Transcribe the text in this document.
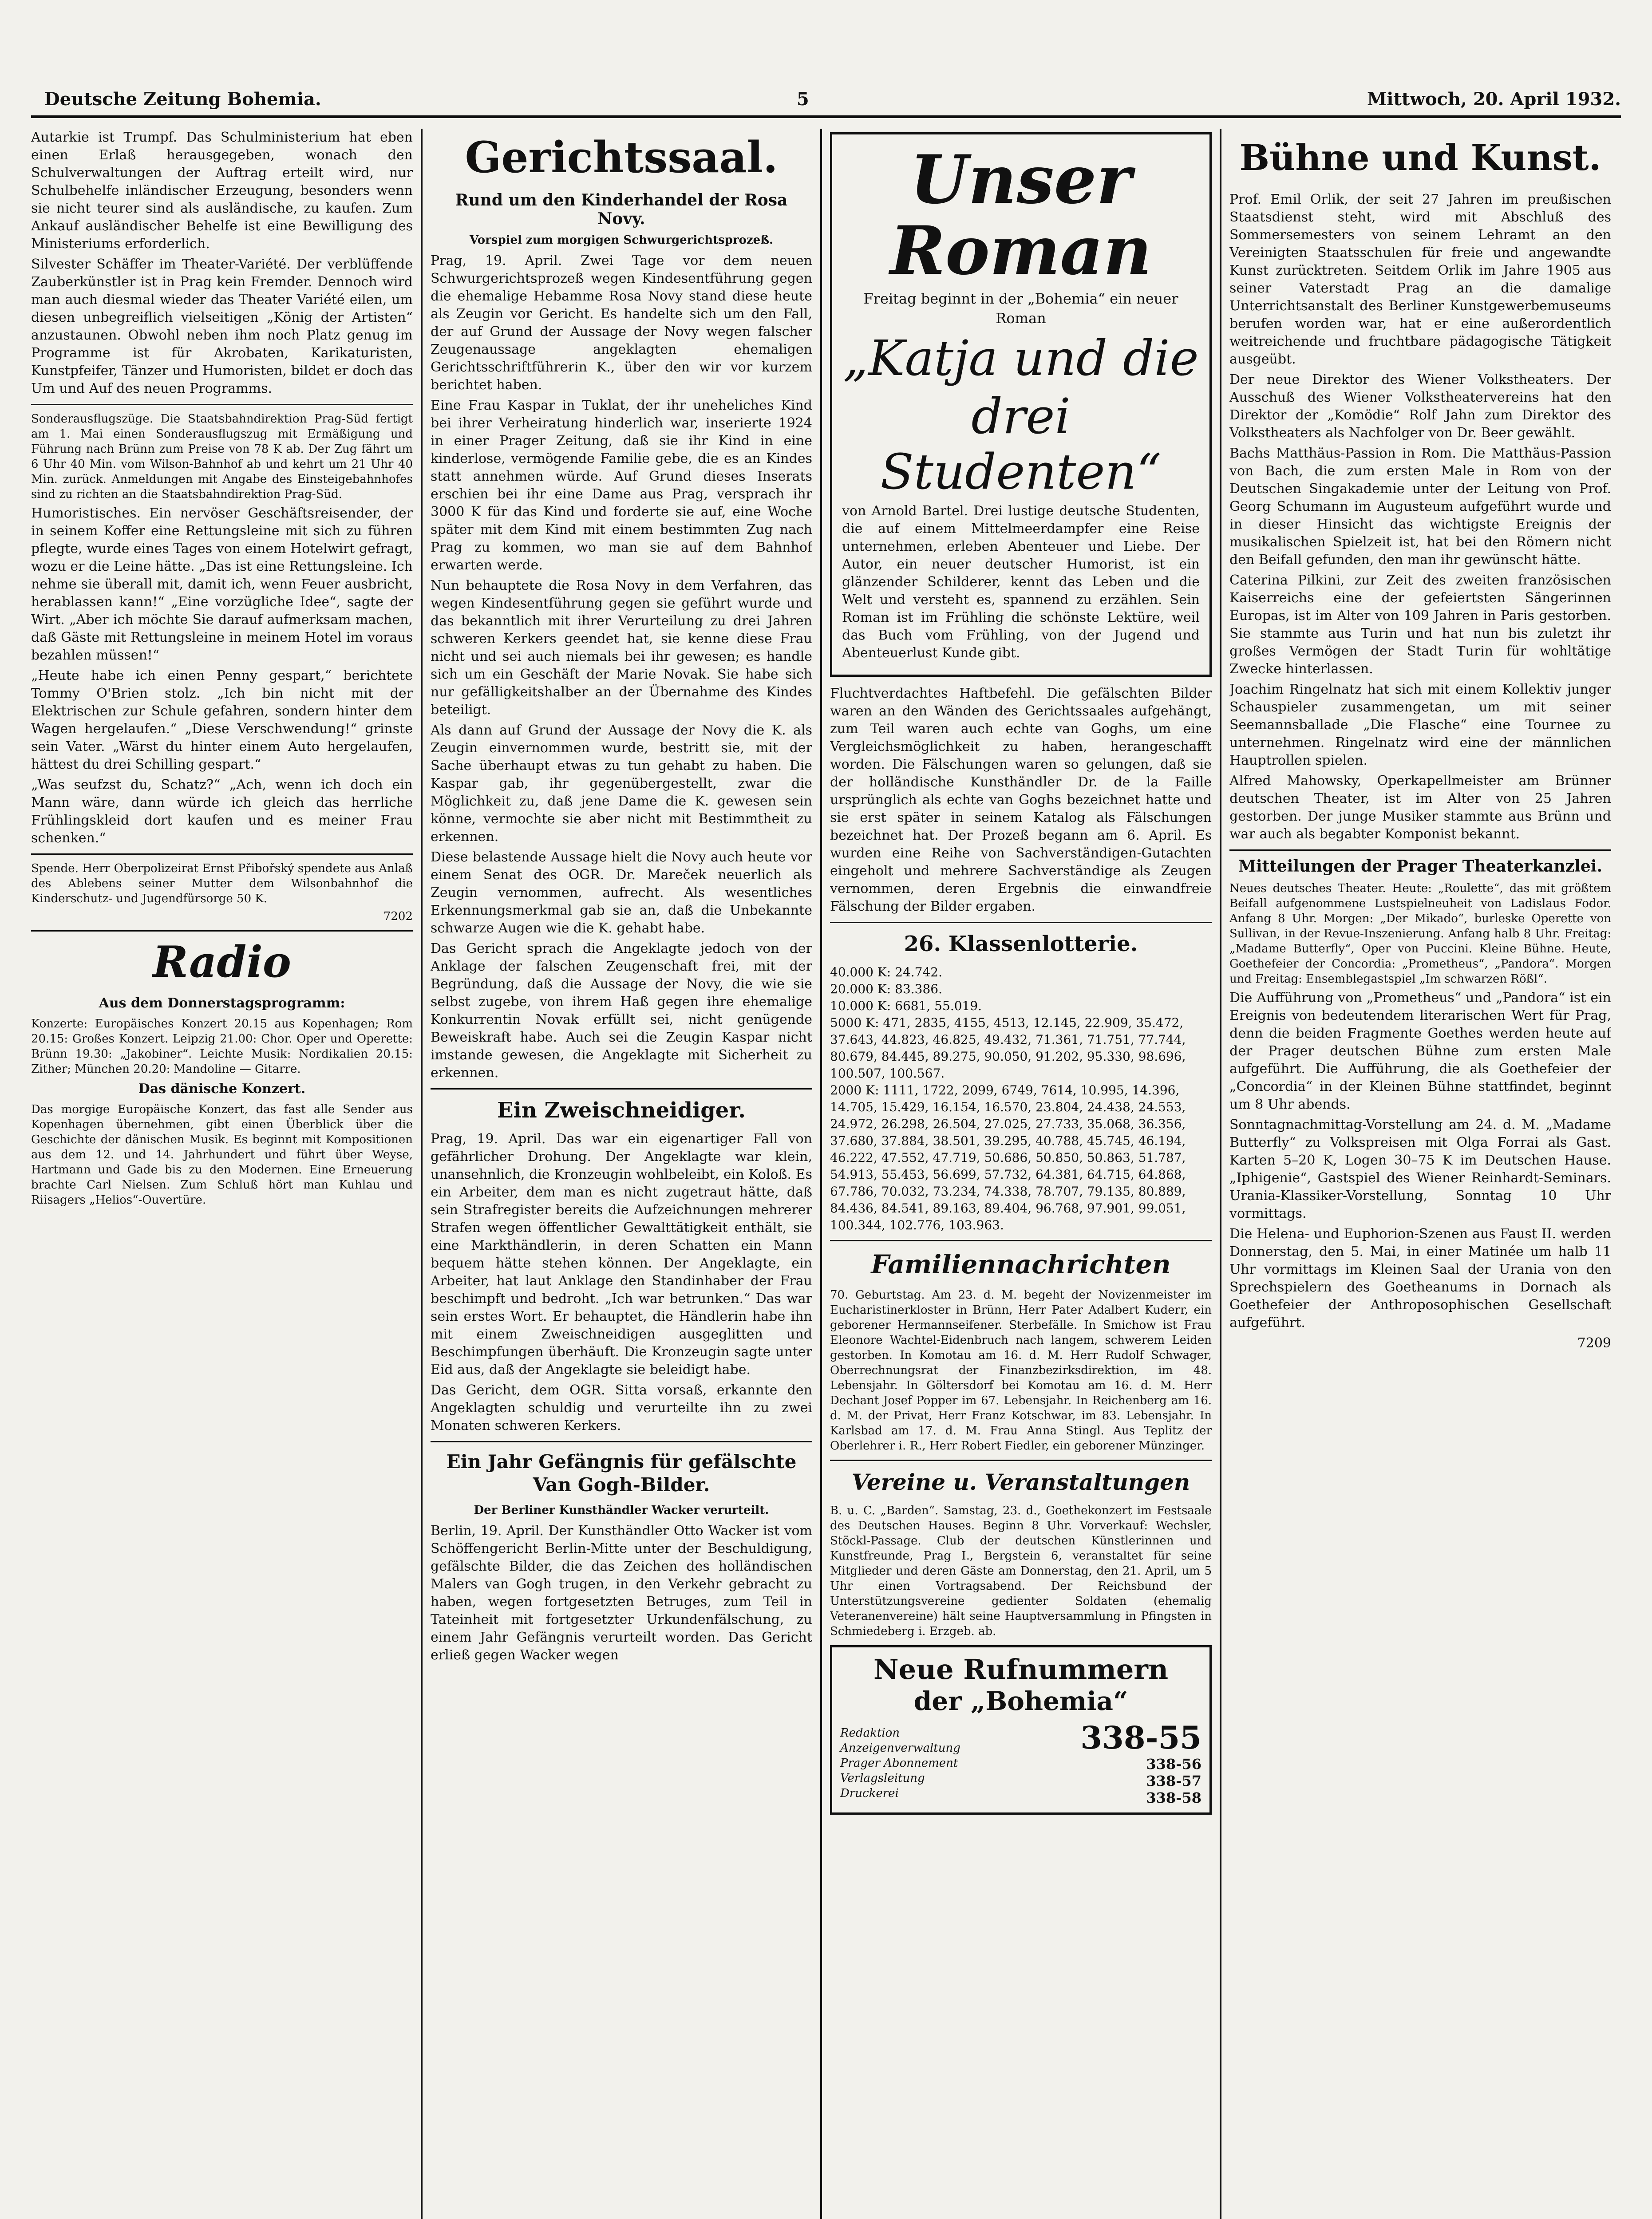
Deutsche Zeitung Bohemia.	5	Mittwoch, 20. April 1932.

Autarkie ist Trumpf. Das Schulministerium hat eben einen Erlaß herausgegeben, wonach den Schulverwaltungen der Auftrag erteilt wird, nur Schulbehelfe inländischer Erzeugung, besonders wenn sie nicht teurer sind als ausländische, zu kaufen. Zum Ankauf ausländischer Behelfe ist eine Bewilligung des Ministeriums erforderlich.

Silvester Schäffer im Theater-Variété. Der verblüffende Zauberkünstler ist in Prag kein Fremder. Dennoch wird man auch diesmal wieder das Theater Variété eilen, um diesen unbegreiflich vielseitigen „König der Artisten“ anzustaunen. Obwohl neben ihm noch Platz genug im Programme ist für Akrobaten, Karikaturisten, Kunstpfeifer, Tänzer und Humoristen, bildet er doch das Um und Auf des neuen Programms.

Sonderausflugszüge. Die Staatsbahndirektion Prag-Süd fertigt am 1. Mai einen Sonderausflugszug mit Ermäßigung und Führung nach Brünn zum Preise von 78 K ab. Der Zug fährt um 6 Uhr 40 Min. vom Wilson-Bahnhof ab und kehrt um 21 Uhr 40 Min. zurück. Anmeldungen mit Angabe des Einsteigebahnhofes sind zu richten an die Staatsbahndirektion Prag-Süd.

Humoristisches. Ein nervöser Geschäftsreisender, der in seinem Koffer eine Rettungsleine mit sich zu führen pflegte, wurde eines Tages von einem Hotelwirt gefragt, wozu er die Leine hätte. „Das ist eine Rettungsleine. Ich nehme sie überall mit, damit ich, wenn Feuer ausbricht, herablassen kann!“ „Eine vorzügliche Idee“, sagte der Wirt. „Aber ich möchte Sie darauf aufmerksam machen, daß Gäste mit Rettungsleine in meinem Hotel im voraus bezahlen müssen!“

„Heute habe ich einen Penny gespart,“ berichtete Tommy O'Brien stolz. „Ich bin nicht mit der Elektrischen zur Schule gefahren, sondern hinter dem Wagen hergelaufen.“ „Diese Verschwendung!“ grinste sein Vater. „Wärst du hinter einem Auto hergelaufen, hättest du drei Schilling gespart.“

„Was seufzst du, Schatz?“ „Ach, wenn ich doch ein Mann wäre, dann würde ich gleich das herrliche Frühlingskleid dort kaufen und es meiner Frau schenken.“

Spende. Herr Oberpolizeirat Ernst Přibořský spendete aus Anlaß des Ablebens seiner Mutter dem Wilsonbahnhof die Kinderschutz- und Jugendfürsorge 50 K.

7202

Radio
Aus dem Donnerstagsprogramm:

Konzerte: Europäisches Konzert 20.15 aus Kopenhagen; Rom 20.15: Großes Konzert. Leipzig 21.00: Chor. Oper und Operette: Brünn 19.30: „Jakobiner“. Leichte Musik: Nordikalien 20.15: Zither; München 20.20: Mandoline — Gitarre.

Das dänische Konzert.

Das morgige Europäische Konzert, das fast alle Sender aus Kopenhagen übernehmen, gibt einen Überblick über die Geschichte der dänischen Musik. Es beginnt mit Kompositionen aus dem 12. und 14. Jahrhundert und führt über Weyse, Hartmann und Gade bis zu den Modernen. Eine Erneuerung brachte Carl Nielsen. Zum Schluß hört man Kuhlau und Riisagers „Helios“-Ouvertüre.

Gerichtssaal.
Rund um den Kinderhandel der Rosa Novy.
Vorspiel zum morgigen Schwurgerichtsprozeß.

Prag, 19. April. Zwei Tage vor dem neuen Schwurgerichtsprozeß wegen Kindesentführung gegen die ehemalige Hebamme Rosa Novy stand diese heute als Zeugin vor Gericht. Es handelte sich um den Fall, der auf Grund der Aussage der Novy wegen falscher Zeugenaussage angeklagten ehemaligen Gerichtsschriftführerin K., über den wir vor kurzem berichtet haben.

Eine Frau Kaspar in Tuklat, der ihr uneheliches Kind bei ihrer Verheiratung hinderlich war, inserierte 1924 in einer Prager Zeitung, daß sie ihr Kind in eine kinderlose, vermögende Familie gebe, die es an Kindes statt annehmen würde. Auf Grund dieses Inserats erschien bei ihr eine Dame aus Prag, versprach ihr 3000 K für das Kind und forderte sie auf, eine Woche später mit dem Kind mit einem bestimmten Zug nach Prag zu kommen, wo man sie auf dem Bahnhof erwarten werde.

Nun behauptete die Rosa Novy in dem Verfahren, das wegen Kindesentführung gegen sie geführt wurde und das bekanntlich mit ihrer Verurteilung zu drei Jahren schweren Kerkers geendet hat, sie kenne diese Frau nicht und sei auch niemals bei ihr gewesen; es handle sich um ein Geschäft der Marie Novak. Sie habe sich nur gefälligkeitshalber an der Übernahme des Kindes beteiligt.

Als dann auf Grund der Aussage der Novy die K. als Zeugin einvernommen wurde, bestritt sie, mit der Sache überhaupt etwas zu tun gehabt zu haben. Die Kaspar gab, ihr gegenübergestellt, zwar die Möglichkeit zu, daß jene Dame die K. gewesen sein könne, vermochte sie aber nicht mit Bestimmtheit zu erkennen.

Diese belastende Aussage hielt die Novy auch heute vor einem Senat des OGR. Dr. Mareček neuerlich als Zeugin vernommen, aufrecht. Als wesentliches Erkennungsmerkmal gab sie an, daß die Unbekannte schwarze Augen wie die K. gehabt habe.

Das Gericht sprach die Angeklagte jedoch von der Anklage der falschen Zeugenschaft frei, mit der Begründung, daß die Aussage der Novy, die wie sie selbst zugebe, von ihrem Haß gegen ihre ehemalige Konkurrentin Novak erfüllt sei, nicht genügende Beweiskraft habe. Auch sei die Zeugin Kaspar nicht imstande gewesen, die Angeklagte mit Sicherheit zu erkennen.

Ein Zweischneidiger.

Prag, 19. April. Das war ein eigenartiger Fall von gefährlicher Drohung. Der Angeklagte war klein, unansehnlich, die Kronzeugin wohlbeleibt, ein Koloß. Es ein Arbeiter, dem man es nicht zugetraut hätte, daß sein Strafregister bereits die Aufzeichnungen mehrerer Strafen wegen öffentlicher Gewalttätigkeit enthält, sie eine Markthändlerin, in deren Schatten ein Mann bequem hätte stehen können. Der Angeklagte, ein Arbeiter, hat laut Anklage den Standinhaber der Frau beschimpft und bedroht. „Ich war betrunken.“ Das war sein erstes Wort. Er behauptet, die Händlerin habe ihn mit einem Zweischneidigen ausgeglitten und Beschimpfungen überhäuft. Die Kronzeugin sagte unter Eid aus, daß der Angeklagte sie beleidigt habe.

Das Gericht, dem OGR. Sitta vorsaß, erkannte den Angeklagten schuldig und verurteilte ihn zu zwei Monaten schweren Kerkers.

Ein Jahr Gefängnis für gefälschte Van Gogh-Bilder.
Der Berliner Kunsthändler Wacker verurteilt.

Berlin, 19. April. Der Kunsthändler Otto Wacker ist vom Schöffengericht Berlin-Mitte unter der Beschuldigung, gefälschte Bilder, die das Zeichen des holländischen Malers van Gogh trugen, in den Verkehr gebracht zu haben, wegen fortgesetzten Betruges, zum Teil in Tateinheit mit fortgesetzter Urkundenfälschung, zu einem Jahr Gefängnis verurteilt worden. Das Gericht erließ gegen Wacker wegen

Unser Roman

Freitag beginnt in der „Bohemia“ ein neuer Roman

„Katja und die
drei Studenten“

von Arnold Bartel. Drei lustige deutsche Studenten, die auf einem Mittelmeerdampfer eine Reise unternehmen, erleben Abenteuer und Liebe. Der Autor, ein neuer deutscher Humorist, ist ein glänzender Schilderer, kennt das Leben und die Welt und versteht es, spannend zu erzählen. Sein Roman ist im Frühling die schönste Lektüre, weil das Buch vom Frühling, von der Jugend und Abenteuerlust Kunde gibt.

Fluchtverdachtes Haftbefehl. Die gefälschten Bilder waren an den Wänden des Gerichtssaales aufgehängt, zum Teil waren auch echte van Goghs, um eine Vergleichsmöglichkeit zu haben, herangeschafft worden. Die Fälschungen waren so gelungen, daß sie der holländische Kunsthändler Dr. de la Faille ursprünglich als echte van Goghs bezeichnet hatte und sie erst später in seinem Katalog als Fälschungen bezeichnet hat. Der Prozeß begann am 6. April. Es wurden eine Reihe von Sachverständigen-Gutachten eingeholt und mehrere Sachverständige als Zeugen vernommen, deren Ergebnis die einwandfreie Fälschung der Bilder ergaben.

26. Klassenlotterie.

40.000 K: 24.742.

20.000 K: 83.386.

10.000 K: 6681, 55.019.

5000 K: 471, 2835, 4155, 4513, 12.145, 22.909, 35.472, 37.643, 44.823, 46.825, 49.432, 71.361, 71.751, 77.744, 80.679, 84.445, 89.275, 90.050, 91.202, 95.330, 98.696, 100.507, 100.567.

2000 K: 1111, 1722, 2099, 6749, 7614, 10.995, 14.396, 14.705, 15.429, 16.154, 16.570, 23.804, 24.438, 24.553, 24.972, 26.298, 26.504, 27.025, 27.733, 35.068, 36.356, 37.680, 37.884, 38.501, 39.295, 40.788, 45.745, 46.194, 46.222, 47.552, 47.719, 50.686, 50.850, 50.863, 51.787, 54.913, 55.453, 56.699, 57.732, 64.381, 64.715, 64.868, 67.786, 70.032, 73.234, 74.338, 78.707, 79.135, 80.889, 84.436, 84.541, 89.163, 89.404, 96.768, 97.901, 99.051, 100.344, 102.776, 103.963.

Familiennachrichten

70. Geburtstag. Am 23. d. M. begeht der Novizenmeister im Eucharistinerkloster in Brünn, Herr Pater Adalbert Kuderr, ein geborener Hermannseifener. Sterbefälle. In Smichow ist Frau Eleonore Wachtel-Eidenbruch nach langem, schwerem Leiden gestorben. In Komotau am 16. d. M. Herr Rudolf Schwager, Oberrechnungsrat der Finanzbezirksdirektion, im 48. Lebensjahr. In Göltersdorf bei Komotau am 16. d. M. Herr Dechant Josef Popper im 67. Lebensjahr. In Reichenberg am 16. d. M. der Privat, Herr Franz Kotschwar, im 83. Lebensjahr. In Karlsbad am 17. d. M. Frau Anna Stingl. Aus Teplitz der Oberlehrer i. R., Herr Robert Fiedler, ein geborener Münzinger.

Vereine u. Veranstaltungen

B. u. C. „Barden“. Samstag, 23. d., Goethekonzert im Festsaale des Deutschen Hauses. Beginn 8 Uhr. Vorverkauf: Wechsler, Stöckl-Passage. Club der deutschen Künstlerinnen und Kunstfreunde, Prag I., Bergstein 6, veranstaltet für seine Mitglieder und deren Gäste am Donnerstag, den 21. April, um 5 Uhr einen Vortragsabend. Der Reichsbund der Unterstützungsvereine gedienter Soldaten (ehemalig Veteranenvereine) hält seine Hauptversammlung in Pfingsten in Schmiedeberg i. Erzgeb. ab.

Neue Rufnummern

der „Bohemia“

Redaktion
Anzeigenverwaltung
Prager Abonnement
Verlagsleitung
Druckerei
338-55
338-56
338-57
338-58
Bühne und Kunst.

Prof. Emil Orlik, der seit 27 Jahren im preußischen Staatsdienst steht, wird mit Abschluß des Sommersemesters von seinem Lehramt an den Vereinigten Staatsschulen für freie und angewandte Kunst zurücktreten. Seitdem Orlik im Jahre 1905 aus seiner Vaterstadt Prag an die damalige Unterrichtsanstalt des Berliner Kunstgewerbemuseums berufen worden war, hat er eine außerordentlich weitreichende und fruchtbare pädagogische Tätigkeit ausgeübt.

Der neue Direktor des Wiener Volkstheaters. Der Ausschuß des Wiener Volkstheatervereins hat den Direktor der „Komödie“ Rolf Jahn zum Direktor des Volkstheaters als Nachfolger von Dr. Beer gewählt.

Bachs Matthäus-Passion in Rom. Die Matthäus-Passion von Bach, die zum ersten Male in Rom von der Deutschen Singakademie unter der Leitung von Prof. Georg Schumann im Augusteum aufgeführt wurde und in dieser Hinsicht das wichtigste Ereignis der musikalischen Spielzeit ist, hat bei den Römern nicht den Beifall gefunden, den man ihr gewünscht hätte.

Caterina Pilkini, zur Zeit des zweiten französischen Kaiserreichs eine der gefeiertsten Sängerinnen Europas, ist im Alter von 109 Jahren in Paris gestorben. Sie stammte aus Turin und hat nun bis zuletzt ihr großes Vermögen der Stadt Turin für wohltätige Zwecke hinterlassen.

Joachim Ringelnatz hat sich mit einem Kollektiv junger Schauspieler zusammengetan, um mit seiner Seemannsballade „Die Flasche“ eine Tournee zu unternehmen. Ringelnatz wird eine der männlichen Hauptrollen spielen.

Alfred Mahowsky, Operkapellmeister am Brünner deutschen Theater, ist im Alter von 25 Jahren gestorben. Der junge Musiker stammte aus Brünn und war auch als begabter Komponist bekannt.

Mitteilungen der Prager Theaterkanzlei.

Neues deutsches Theater. Heute: „Roulette“, das mit größtem Beifall aufgenommene Lustspielneuheit von Ladislaus Fodor. Anfang 8 Uhr. Morgen: „Der Mikado“, burleske Operette von Sullivan, in der Revue-Inszenierung. Anfang halb 8 Uhr. Freitag: „Madame Butterfly“, Oper von Puccini. Kleine Bühne. Heute, Goethefeier der Concordia: „Prometheus“, „Pandora“. Morgen und Freitag: Ensemblegastspiel „Im schwarzen Rößl“.

Die Aufführung von „Prometheus“ und „Pandora“ ist ein Ereignis von bedeutendem literarischen Wert für Prag, denn die beiden Fragmente Goethes werden heute auf der Prager deutschen Bühne zum ersten Male aufgeführt. Die Aufführung, die als Goethefeier der „Concordia“ in der Kleinen Bühne stattfindet, beginnt um 8 Uhr abends.

Sonntagnachmittag-Vorstellung am 24. d. M. „Madame Butterfly“ zu Volkspreisen mit Olga Forrai als Gast. Karten 5–20 K, Logen 30–75 K im Deutschen Hause. „Iphigenie“, Gastspiel des Wiener Reinhardt-Seminars. Urania-Klassiker-Vorstellung, Sonntag 10 Uhr vormittags.

Die Helena- und Euphorion-Szenen aus Faust II. werden Donnerstag, den 5. Mai, in einer Matinée um halb 11 Uhr vormittags im Kleinen Saal der Urania von den Sprechspielern des Goetheanums in Dornach als Goethefeier der Anthroposophischen Gesellschaft aufgeführt.

7209
